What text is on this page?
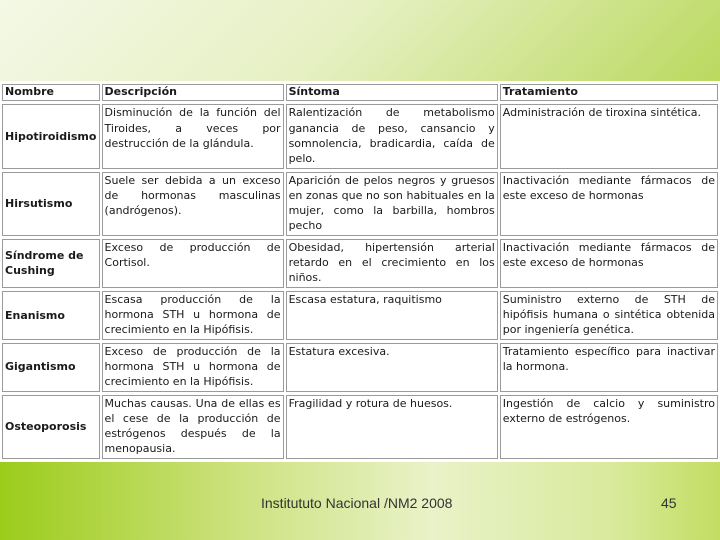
Nombre	Descripción	Síntoma	Tratamiento
Hipotiroidismo	Disminución de la función del Tiroides, a veces por destrucción de la glándula.	Ralentización de metabolismo ganancia de peso, cansancio y somnolencia, bradicardia, caída de pelo.	Administración de tiroxina sintética.
Hirsutismo	Suele ser debida a un exceso de hormonas masculinas (andrógenos).	Aparición de pelos negros y gruesos en zonas que no son habituales en la mujer, como la barbilla, hombros pecho	Inactivación mediante fármacos de este exceso de hormonas
Síndrome de Cushing	Exceso de producción de Cortisol.	Obesidad, hipertensión arterial retardo en el crecimiento en los niños.	Inactivación mediante fármacos de este exceso de hormonas
Enanismo	Escasa producción de la hormona STH u hormona de crecimiento en la Hipófisis.	Escasa estatura, raquitismo	Suministro externo de STH de hipófisis humana o sintética obtenida por ingeniería genética.
Gigantismo	Exceso de producción de la hormona STH u hormona de crecimiento en la Hipófisis.	Estatura excesiva.	Tratamiento específico para inactivar la hormona.
Osteoporosis	Muchas causas. Una de ellas es el cese de la producción de estrógenos después de la menopausia.	Fragilidad y rotura de huesos.	Ingestión de calcio y suministro externo de estrógenos.
Institututo Nacional /NM2 2008	45
